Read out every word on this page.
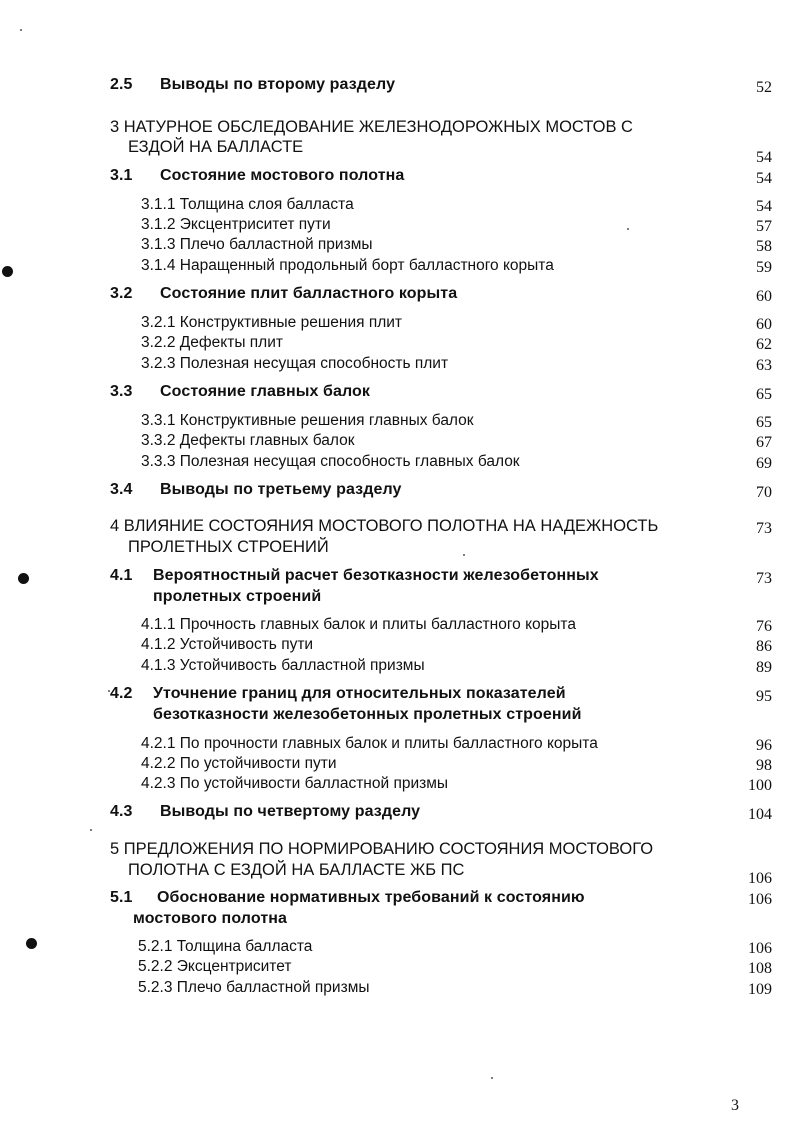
2.5 Выводы по второму разделу	52
3 НАТУРНОЕ ОБСЛЕДОВАНИЕ ЖЕЛЕЗНОДОРОЖНЫХ МОСТОВ С
ЕЗДОЙ НА БАЛЛАСТЕ
54
3.1 Состояние мостового полотна	54
3.1.1 Толщина слоя балласта	54
3.1.2 Эксцентриситет пути	57
3.1.3 Плечо балластной призмы	58
3.1.4 Наращенный продольный борт балластного корыта	59
3.2 Состояние плит балластного корыта	60
3.2.1 Конструктивные решения плит	60
3.2.2 Дефекты плит	62
3.2.3 Полезная несущая способность плит	63
3.3 Состояние главных балок	65
3.3.1 Конструктивные решения главных балок	65
3.3.2 Дефекты главных балок	67
3.3.3 Полезная несущая способность главных балок	69
3.4 Выводы по третьему разделу	70
4 ВЛИЯНИЕ СОСТОЯНИЯ МОСТОВОГО ПОЛОТНА НА НАДЕЖНОСТЬ
ПРОЛЕТНЫХ СТРОЕНИЙ
73
4.1 Вероятностный расчет безотказности железобетонных
пролетных строений
73
4.1.1 Прочность главных балок и плиты балластного корыта	76
4.1.2 Устойчивость пути	86
4.1.3 Устойчивость балластной призмы	89
4.2 Уточнение границ для относительных показателей
безотказности железобетонных пролетных строений
95
4.2.1 По прочности главных балок и плиты балластного корыта	96
4.2.2 По устойчивости пути	98
4.2.3 По устойчивости балластной призмы	100
4.3 Выводы по четвертому разделу	104
5 ПРЕДЛОЖЕНИЯ ПО НОРМИРОВАНИЮ СОСТОЯНИЯ МОСТОВОГО
ПОЛОТНА С ЕЗДОЙ НА БАЛЛАСТЕ ЖБ ПС	106
5.1 Обоснование нормативных требований к состоянию
мостового полотна
106
5.2.1 Толщина балласта	106
5.2.2 Эксцентриситет	108
5.2.3 Плечо балластной призмы	109
3
